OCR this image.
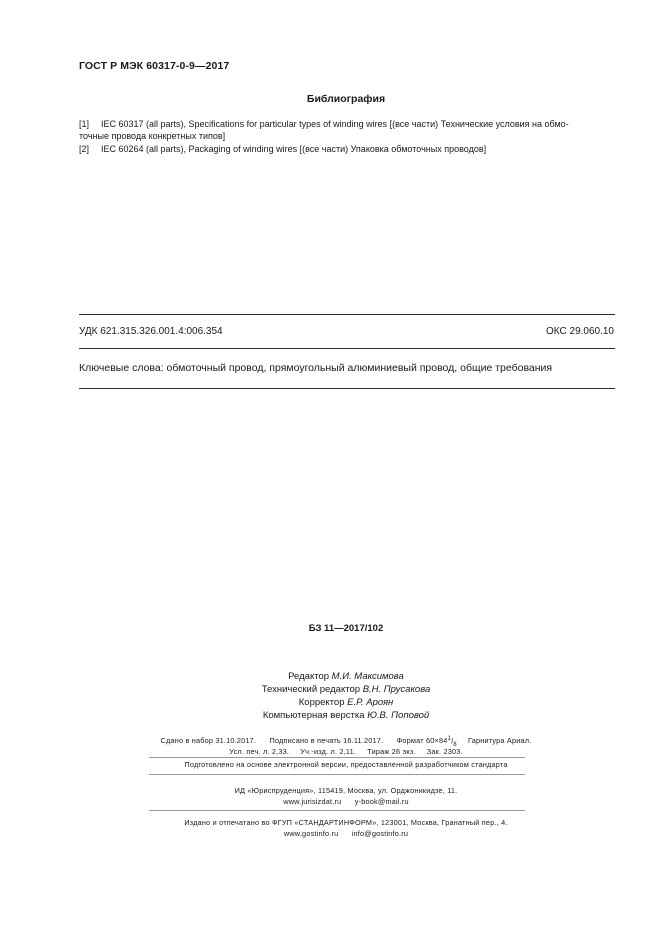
ГОСТ Р МЭК 60317-0-9—2017
Библиография
[1] IEC 60317 (all parts), Specifications for particular types of winding wires [(все части) Технические условия на обмо-
точные провода конкретных типов]
[2] IEC 60264 (all parts), Packaging of winding wires [(все части) Упаковка обмоточных проводов]
УДК 621.315.326.001.4:006.354	ОКС 29.060.10
Ключевые слова: обмоточный провод, прямоугольный алюминиевый провод, общие требования
БЗ 11—2017/102
Редактор М.И. Максимова
Технический редактор В.Н. Прусакова
Корректор Е.Р. Ароян
Компьютерная верстка Ю.В. Поповой
Сдано в набор 31.10.2017. Подписано в печать 16.11.2017. Формат $60\times 84^1/_8$ Гарнитура Ариал.
Усл. печ. л. 2,33. Уч.-изд. л. 2,11. Тираж 26 экз. Зак. 2303.
Подготовлено на основе электронной версии, предоставленной разработчиком стандарта
ИД «Юриспруденция», 115419, Москва, ул. Орджоникидзе, 11.
www.jurisizdat.ru y-book@mail.ru
Издано и отпечатано во ФГУП «СТАНДАРТИНФОРМ», 123001, Москва, Гранатный пер., 4.
www.gostinfo.ru info@gostinfo.ru
